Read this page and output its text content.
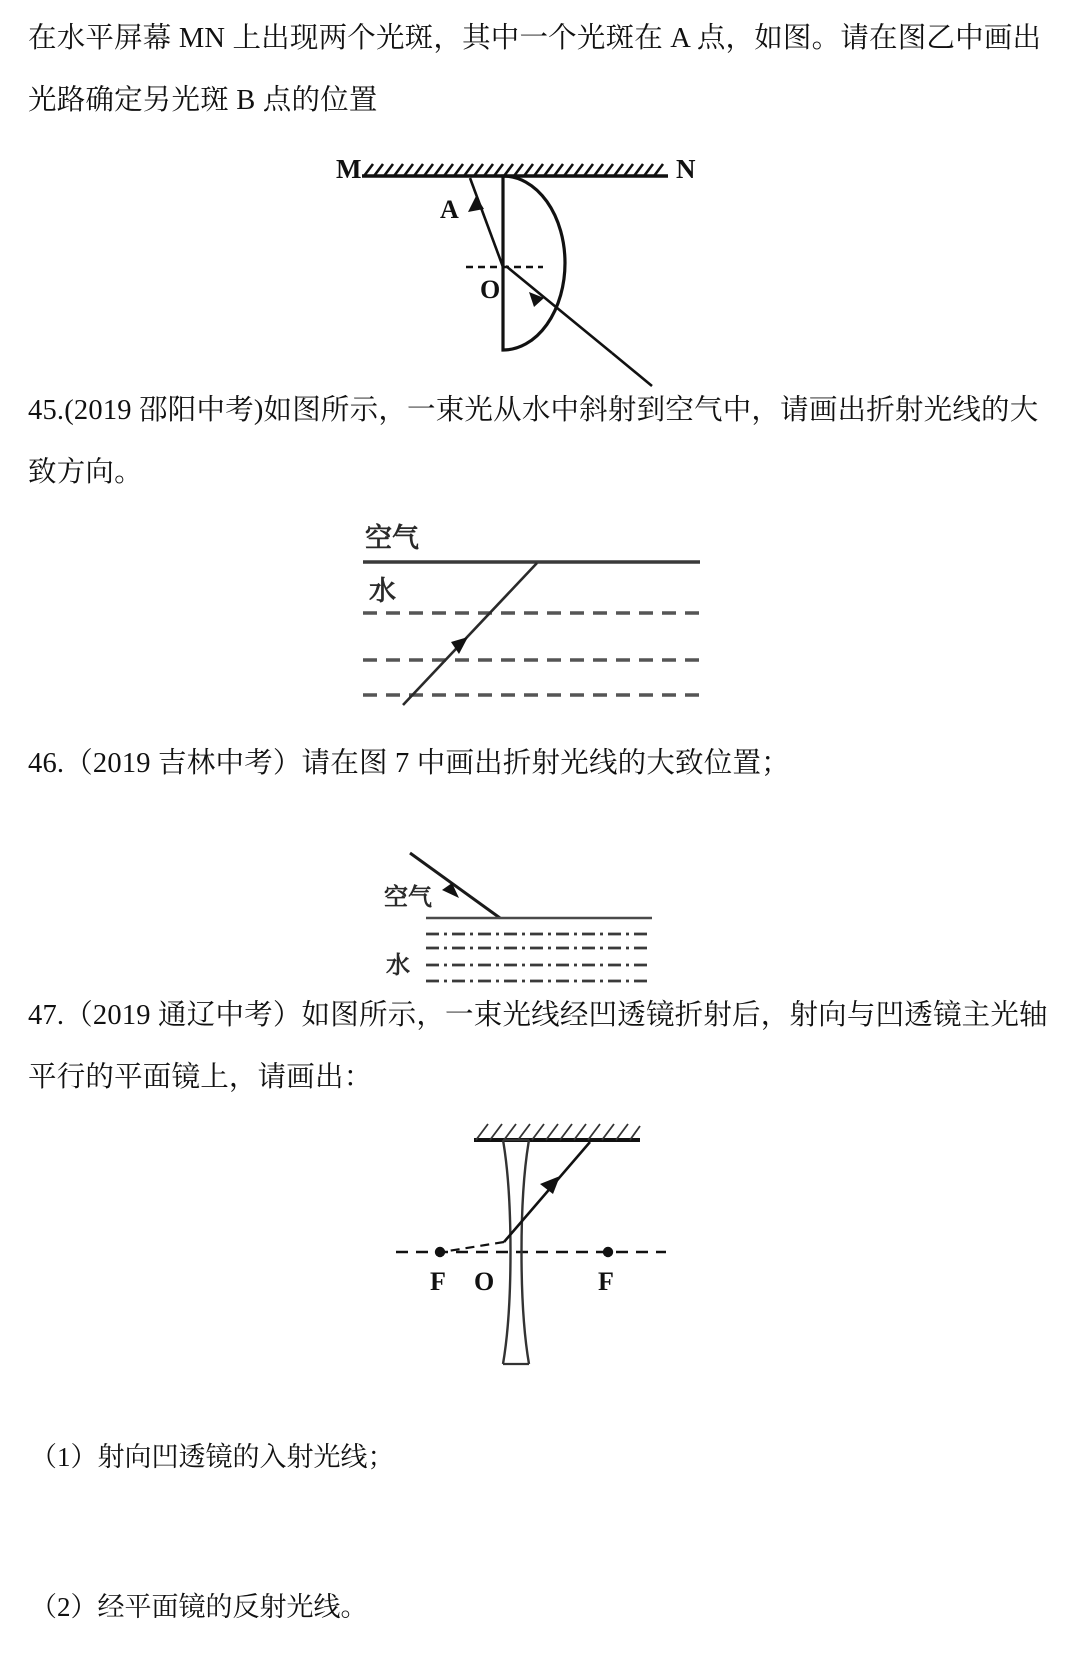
在水平屏幕 MN 上出现两个光斑，其中一个光斑在 A 点，如图。请在图乙中画出光路确定另光斑 B 点的位置
M	N
A
O
45.(2019 邵阳中考)如图所示，一束光从水中斜射到空气中，请画出折射光线的大致方向。
空气
水
46.（2019 吉林中考）请在图 7 中画出折射光线的大致位置；
空气
水
47.（2019 通辽中考）如图所示，一束光线经凹透镜折射后，射向与凹透镜主光轴平行的平面镜上，请画出：
F O	F
（1）射向凹透镜的入射光线；
（2）经平面镜的反射光线。
